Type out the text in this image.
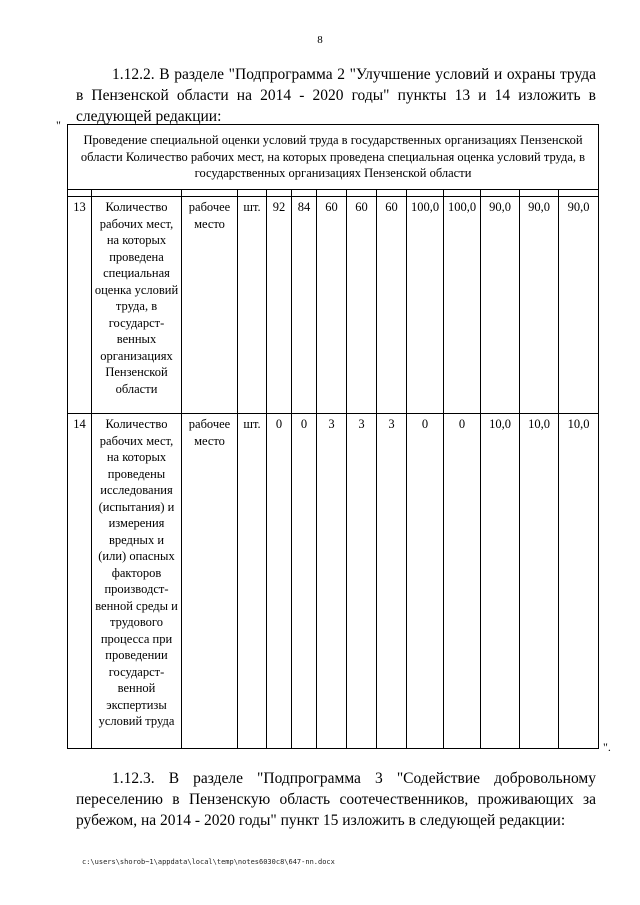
8
1.12.2. В разделе "Подпрограмма 2 "Улучшение условий и охраны труда в Пензенской области на 2014 - 2020 годы" пункты 13 и 14 изложить в следующей редакции:
"
Проведение специальной оценки условий труда в государственных организациях Пензенской области Количество рабочих мест, на которых проведена специальная оценка условий труда, в государственных организациях Пензенской области													

13	Количество рабочих мест, на которых проведена специальная оценка условий труда, в государст-венных организациях Пензенской области	рабочее место	шт.	92	84	60	60	60	100,0	100,0	90,0	90,0	90,0
14	Количество рабочих мест, на которых проведены исследования (испытания) и измерения вредных и (или) опасных факторов производст-венной среды и трудового процесса при проведении государст-венной экспертизы условий труда	рабочее место	шт.	0	0	3	3	3	0	0	10,0	10,0	10,0
".
1.12.3. В разделе "Подпрограмма 3 "Содействие добровольному переселению в Пензенскую область соотечественников, проживающих за рубежом, на 2014 - 2020 годы" пункт 15 изложить в следующей редакции:
c:\users\shorob~1\appdata\local\temp\notes6030c8\647-nn.docx
